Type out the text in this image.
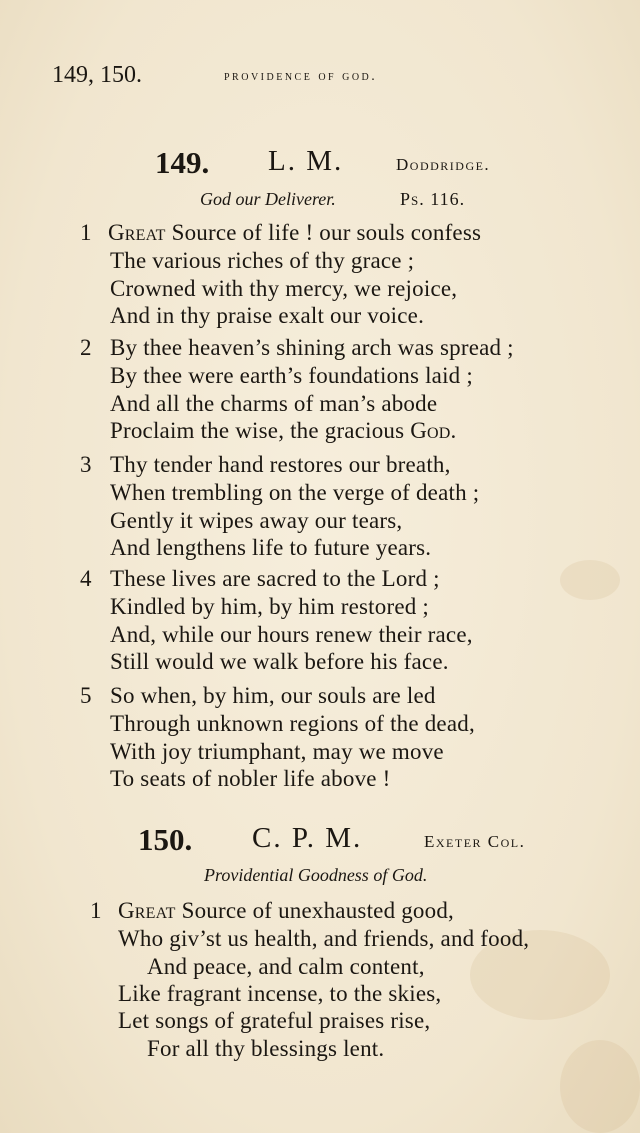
149, 150.	providence of god.
149. L. M.	Doddridge.
God our Deliverer.	Ps. 116.
1 Great Source of life ! our souls confess
The various riches of thy grace ;
Crowned with thy mercy, we rejoice,
And in thy praise exalt our voice.
2 By thee heaven’s shining arch was spread ;
By thee were earth’s foundations laid ;
And all the charms of man’s abode
Proclaim the wise, the gracious God.
3 Thy tender hand restores our breath,
When trembling on the verge of death ;
Gently it wipes away our tears,
And lengthens life to future years.
4 These lives are sacred to the Lord ;
Kindled by him, by him restored ;
And, while our hours renew their race,
Still would we walk before his face.
5 So when, by him, our souls are led
Through unknown regions of the dead,
With joy triumphant, may we move
To seats of nobler life above !
150. C. P. M.	Exeter Col.
Providential Goodness of God.
1 Great Source of unexhausted good,
Who giv’st us health, and friends, and food,
And peace, and calm content,
Like fragrant incense, to the skies,
Let songs of grateful praises rise,
For all thy blessings lent.
